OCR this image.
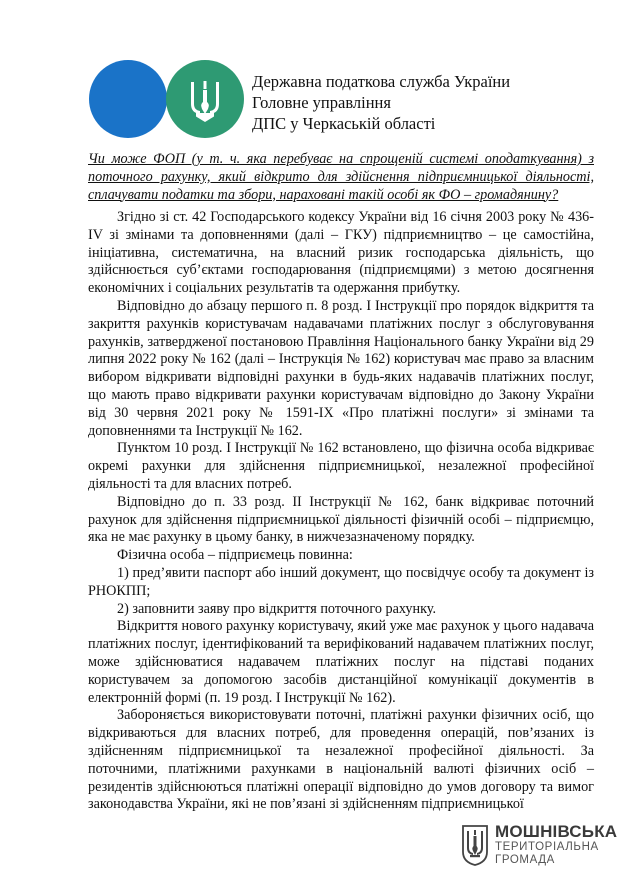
Державна податкова служба України
Головне управління
ДПС у Черкаській області
Чи може ФОП (у т. ч. яка перебуває на спрощеній системі оподаткування) з поточного рахунку, який відкрито для здійснення підприємницької діяльності, сплачувати податки та збори, нараховані такій особі як ФО – громадянину?

Згідно зі ст. 42 Господарського кодексу України від 16 січня 2003 року № 436-IV зі змінами та доповненнями (далі – ГКУ) підприємництво – це самостійна, ініціативна, систематична, на власний ризик господарська діяльність, що здійснюється суб’єктами господарювання (підприємцями) з метою досягнення економічних і соціальних результатів та одержання прибутку.

Відповідно до абзацу першого п. 8 розд. I Інструкції про порядок відкриття та закриття рахунків користувачам надавачами платіжних послуг з обслуговування рахунків, затвердженої постановою Правління Національного банку України від 29 липня 2022 року № 162 (далі – Інструкція № 162) користувач має право за власним вибором відкривати відповідні рахунки в будь-яких надавачів платіжних послуг, що мають право відкривати рахунки користувачам відповідно до Закону України від 30 червня 2021 року № 1591-IX «Про платіжні послуги» зі змінами та доповненнями та Інструкції № 162.

Пунктом 10 розд. I Інструкції № 162 встановлено, що фізична особа відкриває окремі рахунки для здійснення підприємницької, незалежної професійної діяльності та для власних потреб.

Відповідно до п. 33 розд. II Інструкції № 162, банк відкриває поточний рахунок для здійснення підприємницької діяльності фізичній особі – підприємцю, яка не має рахунку в цьому банку, в нижчезазначеному порядку.

Фізична особа – підприємець повинна:

1) пред’явити паспорт або інший документ, що посвідчує особу та документ із РНОКПП;

2) заповнити заяву про відкриття поточного рахунку.

Відкриття нового рахунку користувачу, який уже має рахунок у цього надавача платіжних послуг, ідентифікований та верифікований надавачем платіжних послуг, може здійснюватися надавачем платіжних послуг на підставі поданих користувачем за допомогою засобів дистанційної комунікації документів в електронній формі (п. 19 розд. I Інструкції № 162).

Забороняється використовувати поточні, платіжні рахунки фізичних осіб, що відкриваються для власних потреб, для проведення операцій, пов’язаних із здійсненням підприємницької та незалежної професійної діяльності. За поточними, платіжними рахунками в національній валюті фізичних осіб – резидентів здійснюються платіжні операції відповідно до умов договору та вимог законодавства України, які не пов’язані зі здійсненням підприємницької

МОШНІВСЬКА
ТЕРИТОРІАЛЬНА
ГРОМАДА
